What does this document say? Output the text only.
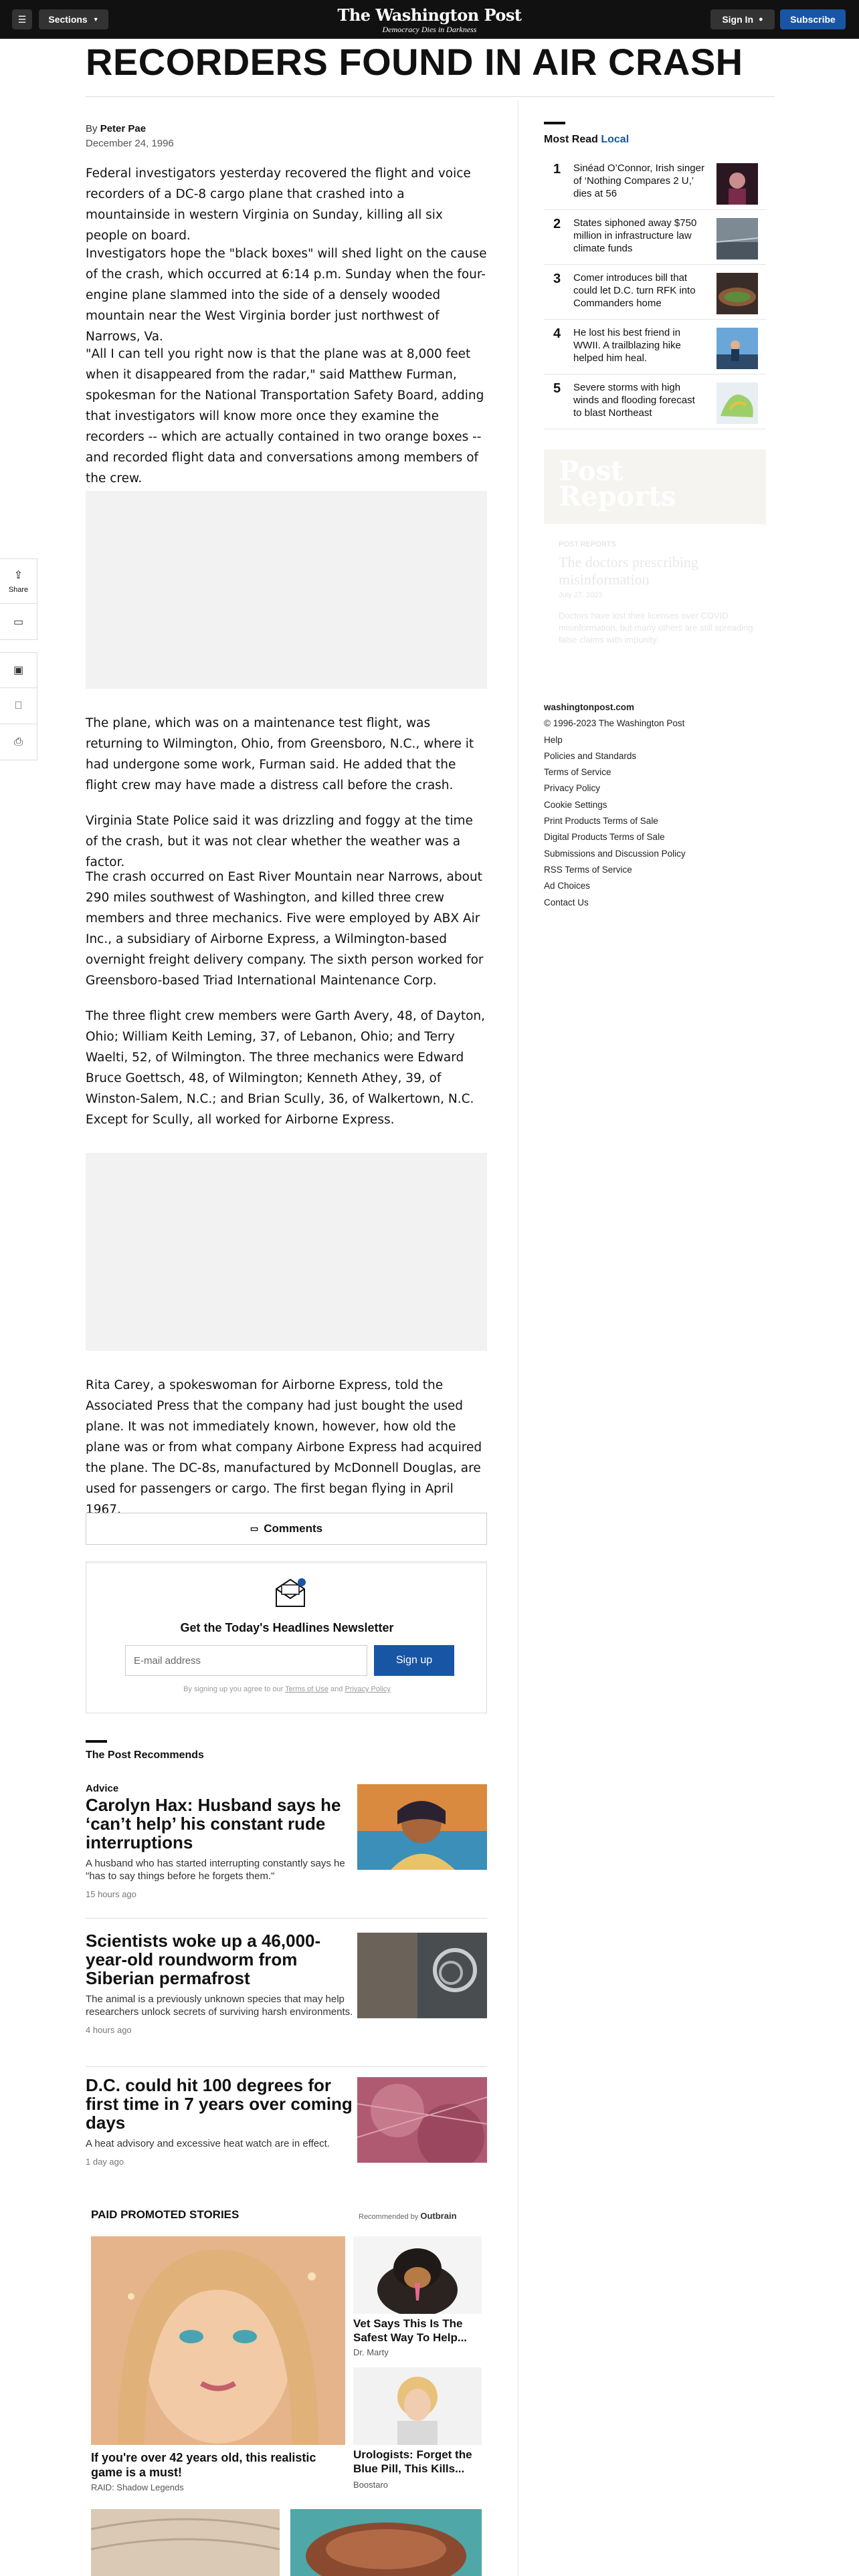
☰ Sections ▼	The Washington Post
Democracy Dies in Darkness
Sign In ●	Subscribe
RECORDERS FOUND IN AIR CRASH
⇪
Share
▭
▣
⎕
⎙
By Peter Pae
December 24, 1996

Federal investigators yesterday recovered the flight and voice recorders of a DC-8 cargo plane that crashed into a mountainside in western Virginia on Sunday, killing all six people on board.

Investigators hope the "black boxes" will shed light on the cause of the crash, which occurred at 6:14 p.m. Sunday when the four-engine plane slammed into the side of a densely wooded mountain near the West Virginia border just northwest of Narrows, Va.

"All I can tell you right now is that the plane was at 8,000 feet when it disappeared from the radar," said Matthew Furman, spokesman for the National Transportation Safety Board, adding that investigators will know more once they examine the recorders -- which are actually contained in two orange boxes -- and recorded flight data and conversations among members of the crew.

The plane, which was on a maintenance test flight, was returning to Wilmington, Ohio, from Greensboro, N.C., where it had undergone some work, Furman said. He added that the flight crew may have made a distress call before the crash.

Virginia State Police said it was drizzling and foggy at the time of the crash, but it was not clear whether the weather was a factor.

The crash occurred on East River Mountain near Narrows, about 290 miles southwest of Washington, and killed three crew members and three mechanics. Five were employed by ABX Air Inc., a subsidiary of Airborne Express, a Wilmington-based overnight freight delivery company. The sixth person worked for Greensboro-based Triad International Maintenance Corp.

The three flight crew members were Garth Avery, 48, of Dayton, Ohio; William Keith Leming, 37, of Lebanon, Ohio; and Terry Waelti, 52, of Wilmington. The three mechanics were Edward Bruce Goettsch, 48, of Wilmington; Kenneth Athey, 39, of Winston-Salem, N.C.; and Brian Scully, 36, of Walkertown, N.C. Except for Scully, all worked for Airborne Express.

Rita Carey, a spokeswoman for Airborne Express, told the Associated Press that the company had just bought the used plane. It was not immediately known, however, how old the plane was or from what company Airbone Express had acquired the plane. The DC-8s, manufactured by McDonnell Douglas, are used for passengers or cargo. The first began flying in April 1967.

▭ Comments
Get the Today's Headlines Newsletter
E-mail address	Sign up
By signing up you agree to our Terms of Use and Privacy Policy
The Post Recommends
Advice
Carolyn Hax: Husband says he ‘can’t help’ his constant rude interruptions
A husband who has started interrupting constantly says he "has to say things before he forgets them."
15 hours ago
Scientists woke up a 46,000-year-old roundworm from Siberian permafrost
The animal is a previously unknown species that may help researchers unlock secrets of surviving harsh environments.
4 hours ago
D.C. could hit 100 degrees for first time in 7 years over coming days
A heat advisory and excessive heat watch are in effect.
1 day ago
PAID PROMOTED STORIES	Recommended by Outbrain
If you're over 42 years old, this realistic game is a must!
RAID: Shadow Legends
Vet Says This Is The Safest Way To Help...
Dr. Marty
Urologists: Forget the Blue Pill, This Kills...
Boostaro
Most Read Local
1 Sinéad O’Connor, Irish singer of ‘Nothing Compares 2 U,’ dies at 56
2 States siphoned away $750 million in infrastructure law climate funds
3 Comer introduces bill that could let D.C. turn RFK into Commanders home
4 He lost his best friend in WWII. A trailblazing hike helped him heal.
5 Severe storms with high winds and flooding forecast to blast Northeast
Post
Reports
POST REPORTS
The doctors prescribing misinformation
July 27, 2023
Doctors have lost their licenses over COVID misinformation, but many others are still spreading false claims with impunity.
washingtonpost.com
© 1996-2023 The Washington Post
Help
Policies and Standards
Terms of Service
Privacy Policy
Cookie Settings
Print Products Terms of Sale
Digital Products Terms of Sale
Submissions and Discussion Policy
RSS Terms of Service
Ad Choices
Contact Us
